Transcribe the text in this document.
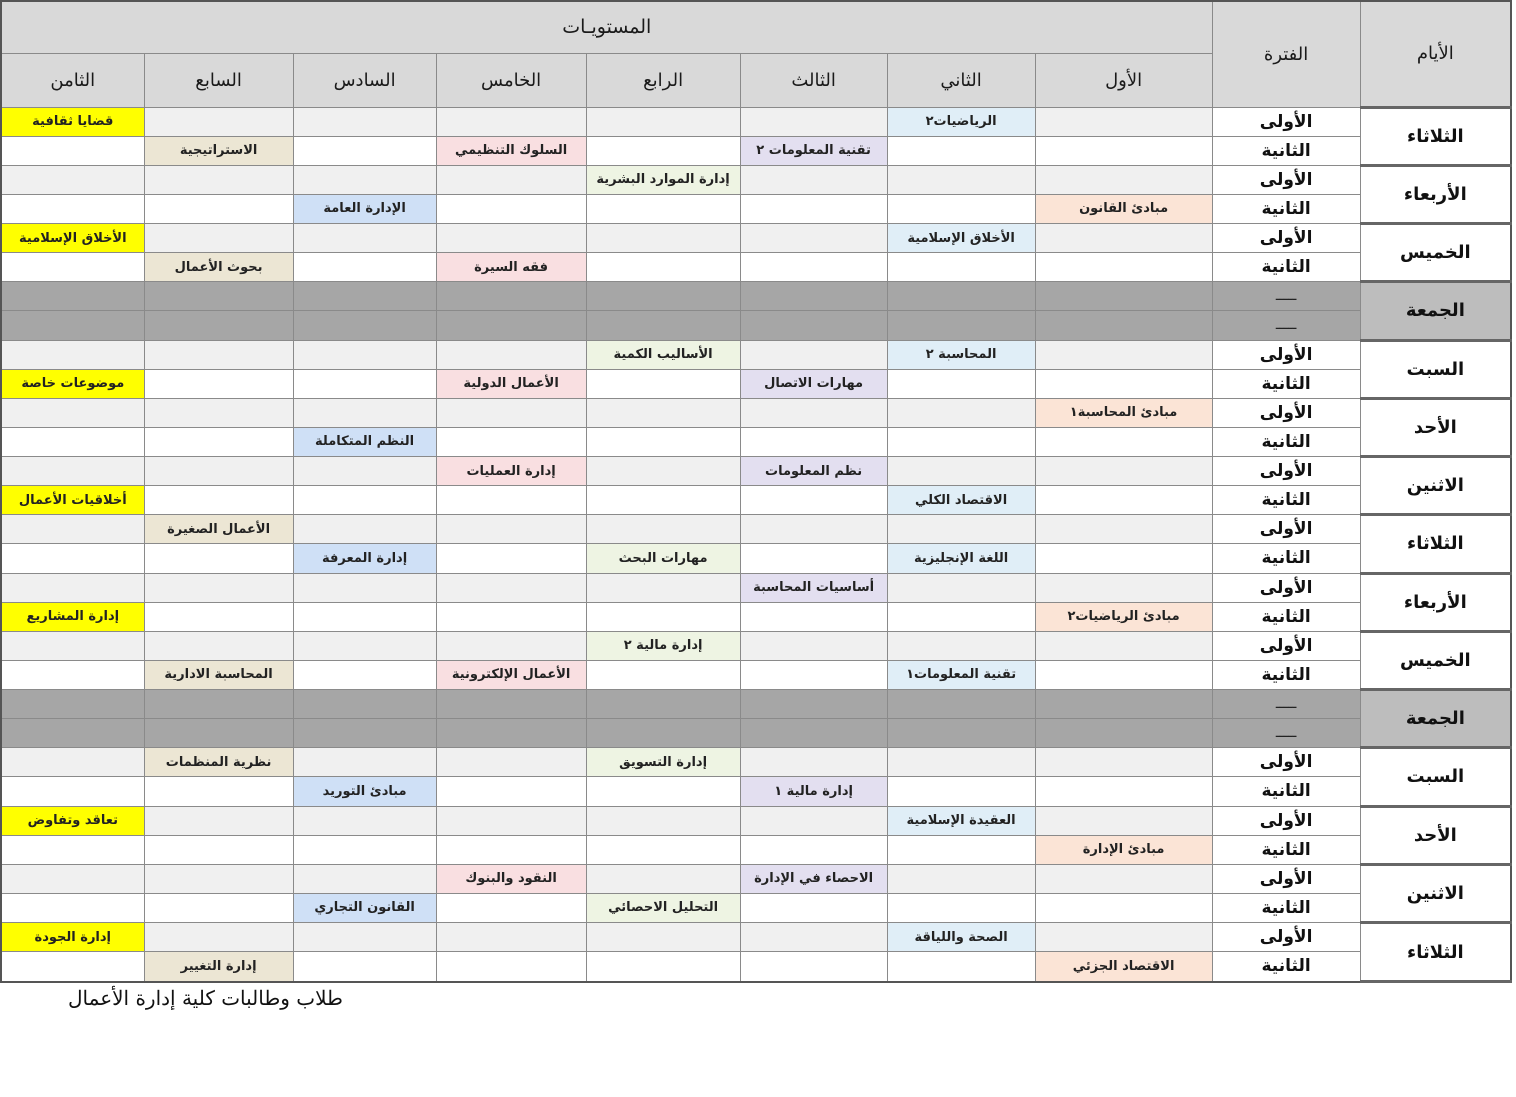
الأيام	الفترة	المستويـات							
		الأول	الثاني	الثالث	الرابع	الخامس	السادس	السابع	الثامن
الثلاثاء	الأولى		الرياضيات٢						قضايا ثقافية
	الثانية			تقنية المعلومات ٢		السلوك التنظيمي		الاستراتيجية	
الأربعاء	الأولى				إدارة الموارد البشرية				
	الثانية	مبادئ القانون					الإدارة العامة		
الخميس	الأولى		الأخلاق الإسلامية						الأخلاق الإسلامية
	الثانية					فقه السيرة		بحوث الأعمال	
الجمعة	ـــــ								
	ـــــ								
السبت	الأولى		المحاسبة ٢		الأساليب الكمية				
	الثانية			مهارات الاتصال		الأعمال الدولية			موضوعات خاصة
الأحد	الأولى	مبادئ المحاسبة١							
	الثانية						النظم المتكاملة		
الاثنين	الأولى			نظم المعلومات		إدارة العمليات			
	الثانية		الاقتصاد الكلي						أخلاقيات الأعمال
الثلاثاء	الأولى							الأعمال الصغيرة	
	الثانية		اللغة الإنجليزية		مهارات البحث		إدارة المعرفة		
الأربعاء	الأولى			أساسيات المحاسبة					
	الثانية	مبادئ الرياضيات٢							إدارة المشاريع
الخميس	الأولى				إدارة مالية ٢				
	الثانية		تقنية المعلومات١			الأعمال الإلكترونية		المحاسبة الادارية	
الجمعة	ـــــ								
	ـــــ								
السبت	الأولى				إدارة التسويق			نظرية المنظمات	
	الثانية			إدارة مالية ١			مبادئ التوريد		
الأحد	الأولى		العقيدة الإسلامية						تعاقد وتفاوض
	الثانية	مبادئ الإدارة							
الاثنين	الأولى			الاحصاء في الإدارة		النقود والبنوك			
	الثانية				التحليل الاحصائي		القانون التجاري		
الثلاثاء	الأولى		الصحة واللياقة						إدارة الجودة
	الثانية	الاقتصاد الجزئي						إدارة التغيير	
طلاب وطالبات كلية إدارة الأعمال
